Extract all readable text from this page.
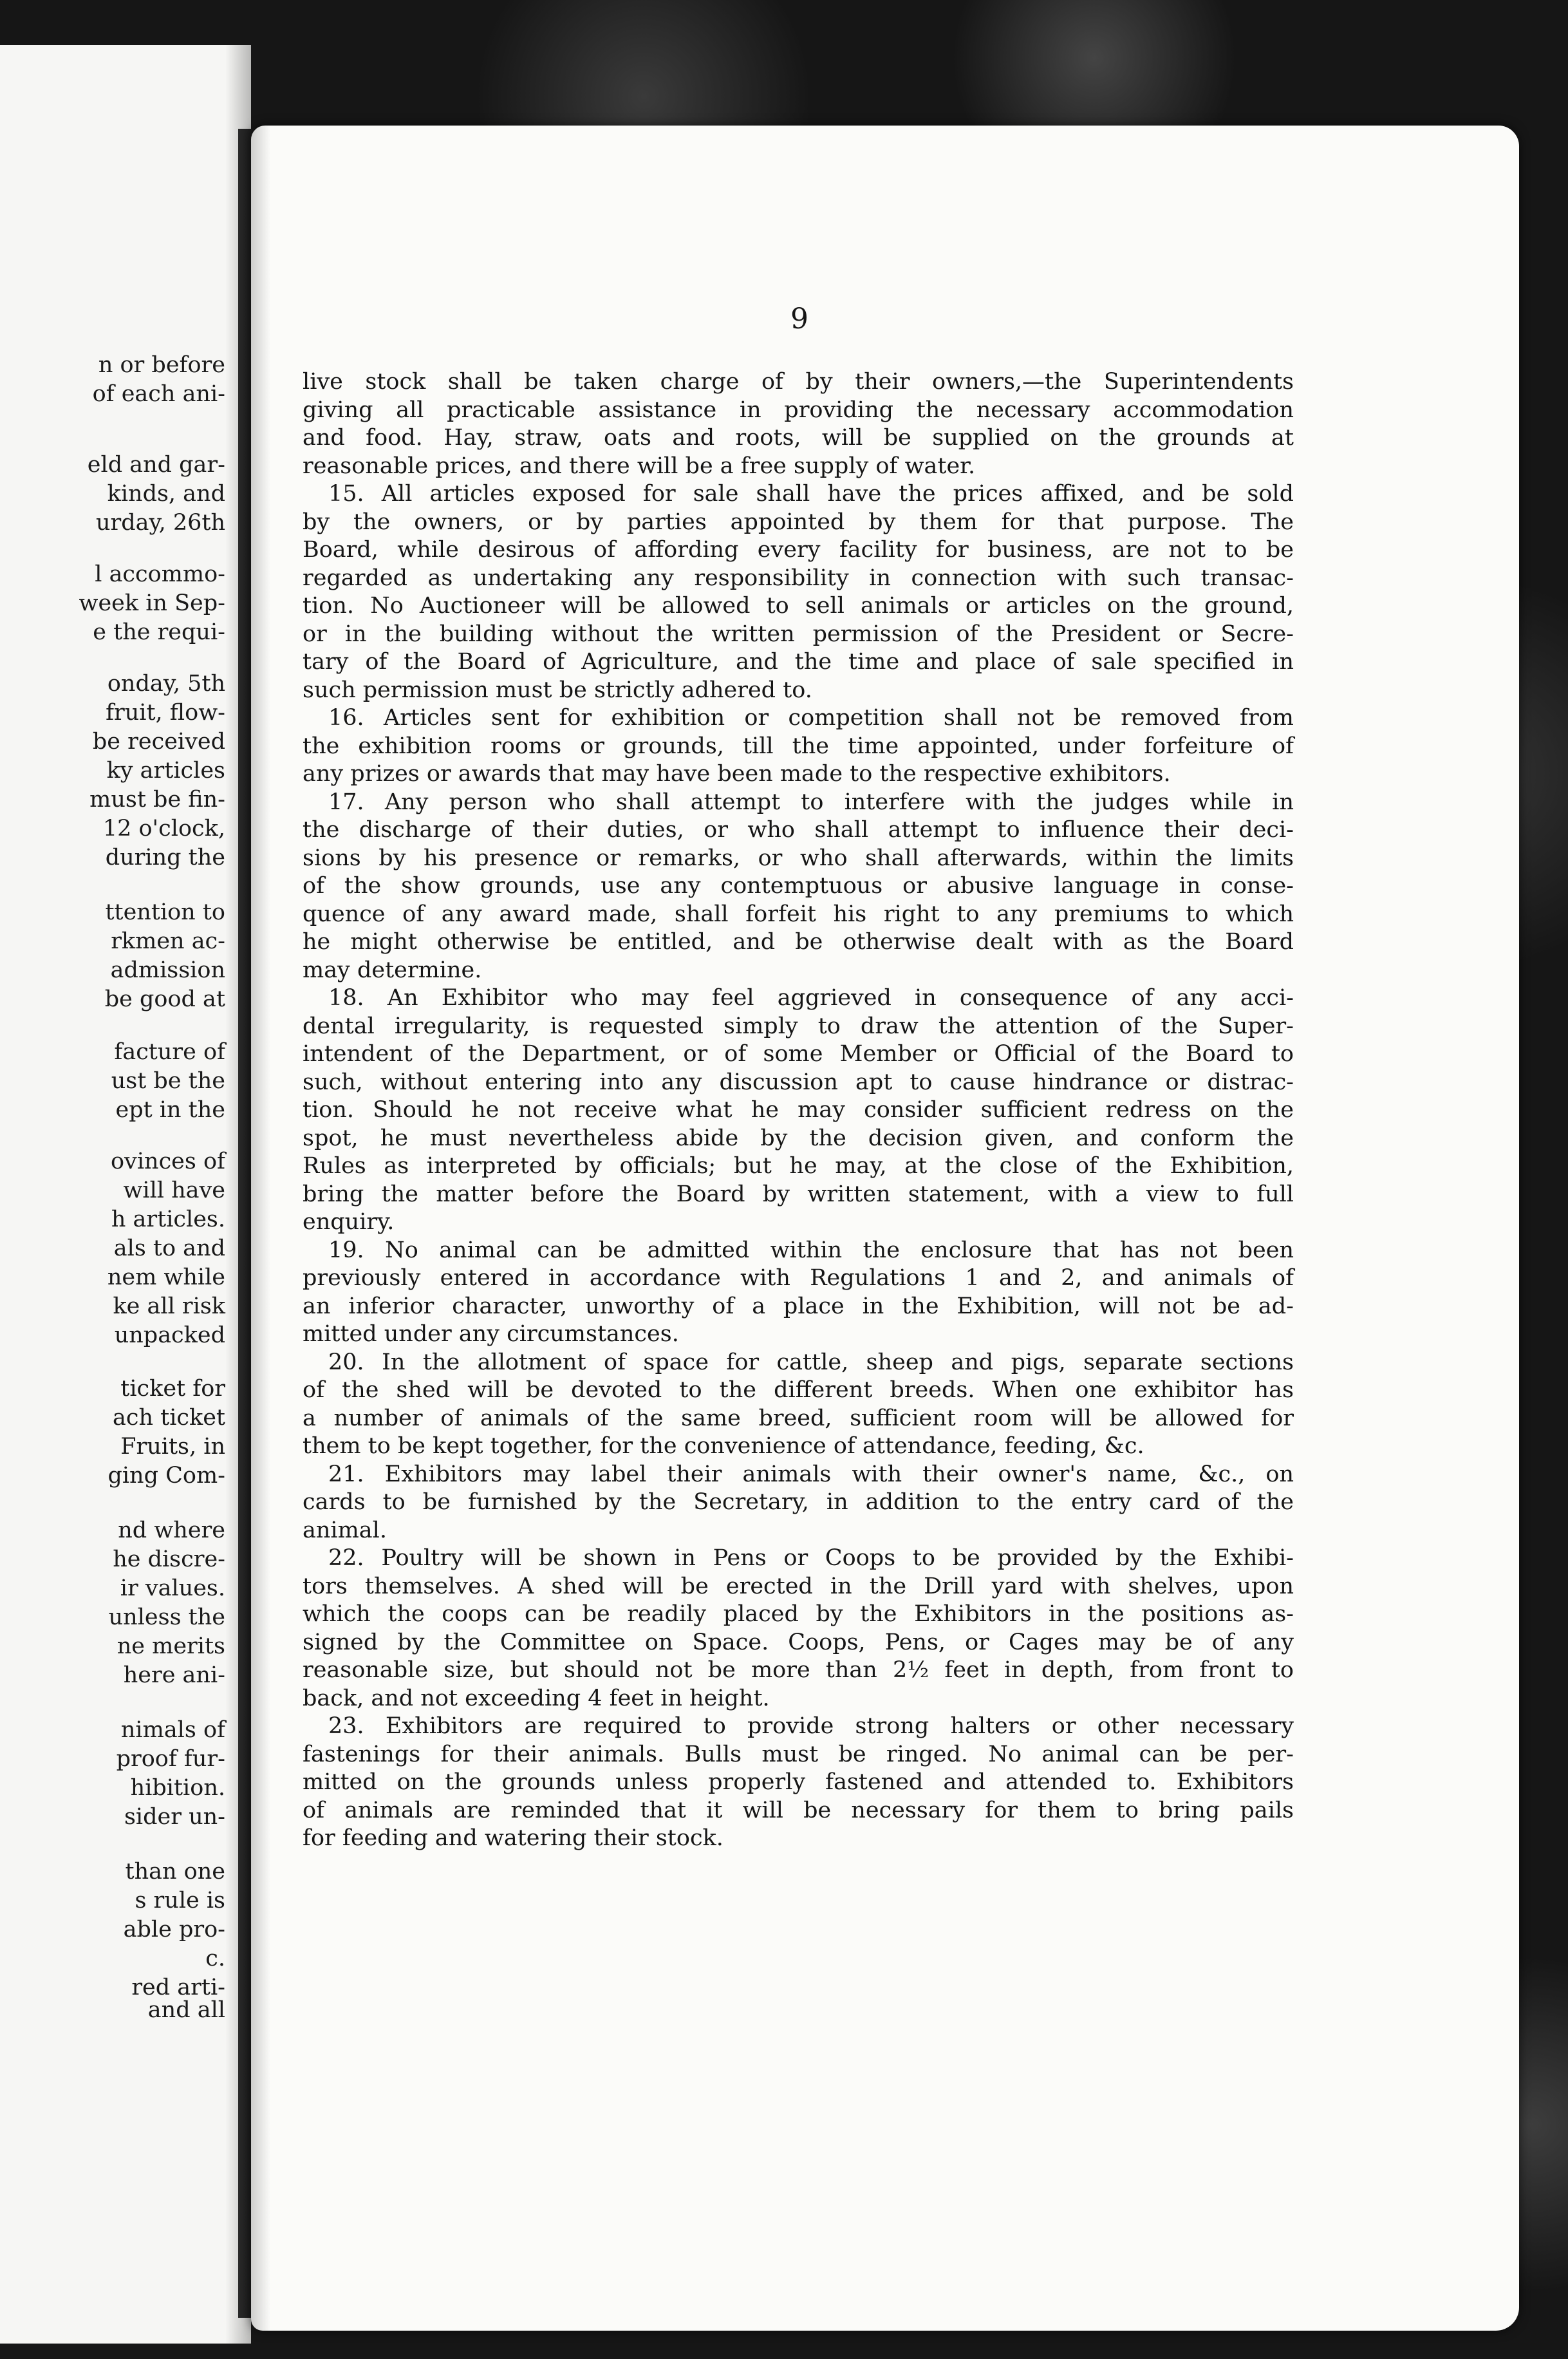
n or before
of each ani-
eld and gar-
kinds, and
urday, 26th
l accommo-
week in Sep-
e the requi-
onday, 5th
fruit, flow-
be received
ky articles
must be fin-
12 o'clock,
during the
ttention to
rkmen ac-
admission
be good at
facture of
ust be the
ept in the
ovinces of
will have
h articles.
als to and
nem while
ke all risk
unpacked
ticket for
ach ticket
Fruits, in
ging Com-
nd where
he discre-
ir values.
unless the
ne merits
here ani-
nimals of
proof fur-
hibition.
sider un-
than one
s rule is
able pro-
c.
red arti-
and all
9
live stock shall be taken charge of by their owners,—the Superintendents
giving all practicable assistance in providing the necessary accommodation
and food. Hay, straw, oats and roots, will be supplied on the grounds at
reasonable prices, and there will be a free supply of water.
15. All articles exposed for sale shall have the prices affixed, and be sold
by the owners, or by parties appointed by them for that purpose. The
Board, while desirous of affording every facility for business, are not to be
regarded as undertaking any responsibility in connection with such transac-
tion. No Auctioneer will be allowed to sell animals or articles on the ground,
or in the building without the written permission of the President or Secre-
tary of the Board of Agriculture, and the time and place of sale specified in
such permission must be strictly adhered to.
16. Articles sent for exhibition or competition shall not be removed from
the exhibition rooms or grounds, till the time appointed, under forfeiture of
any prizes or awards that may have been made to the respective exhibitors.
17. Any person who shall attempt to interfere with the judges while in
the discharge of their duties, or who shall attempt to influence their deci-
sions by his presence or remarks, or who shall afterwards, within the limits
of the show grounds, use any contemptuous or abusive language in conse-
quence of any award made, shall forfeit his right to any premiums to which
he might otherwise be entitled, and be otherwise dealt with as the Board
may determine.
18. An Exhibitor who may feel aggrieved in consequence of any acci-
dental irregularity, is requested simply to draw the attention of the Super-
intendent of the Department, or of some Member or Official of the Board to
such, without entering into any discussion apt to cause hindrance or distrac-
tion. Should he not receive what he may consider sufficient redress on the
spot, he must nevertheless abide by the decision given, and conform the
Rules as interpreted by officials; but he may, at the close of the Exhibition,
bring the matter before the Board by written statement, with a view to full
enquiry.
19. No animal can be admitted within the enclosure that has not been
previously entered in accordance with Regulations 1 and 2, and animals of
an inferior character, unworthy of a place in the Exhibition, will not be ad-
mitted under any circumstances.
20. In the allotment of space for cattle, sheep and pigs, separate sections
of the shed will be devoted to the different breeds. When one exhibitor has
a number of animals of the same breed, sufficient room will be allowed for
them to be kept together, for the convenience of attendance, feeding, &c.
21. Exhibitors may label their animals with their owner's name, &c., on
cards to be furnished by the Secretary, in addition to the entry card of the
animal.
22. Poultry will be shown in Pens or Coops to be provided by the Exhibi-
tors themselves. A shed will be erected in the Drill yard with shelves, upon
which the coops can be readily placed by the Exhibitors in the positions as-
signed by the Committee on Space. Coops, Pens, or Cages may be of any
reasonable size, but should not be more than 2½ feet in depth, from front to
back, and not exceeding 4 feet in height.
23. Exhibitors are required to provide strong halters or other necessary
fastenings for their animals. Bulls must be ringed. No animal can be per-
mitted on the grounds unless properly fastened and attended to. Exhibitors
of animals are reminded that it will be necessary for them to bring pails
for feeding and watering their stock.
